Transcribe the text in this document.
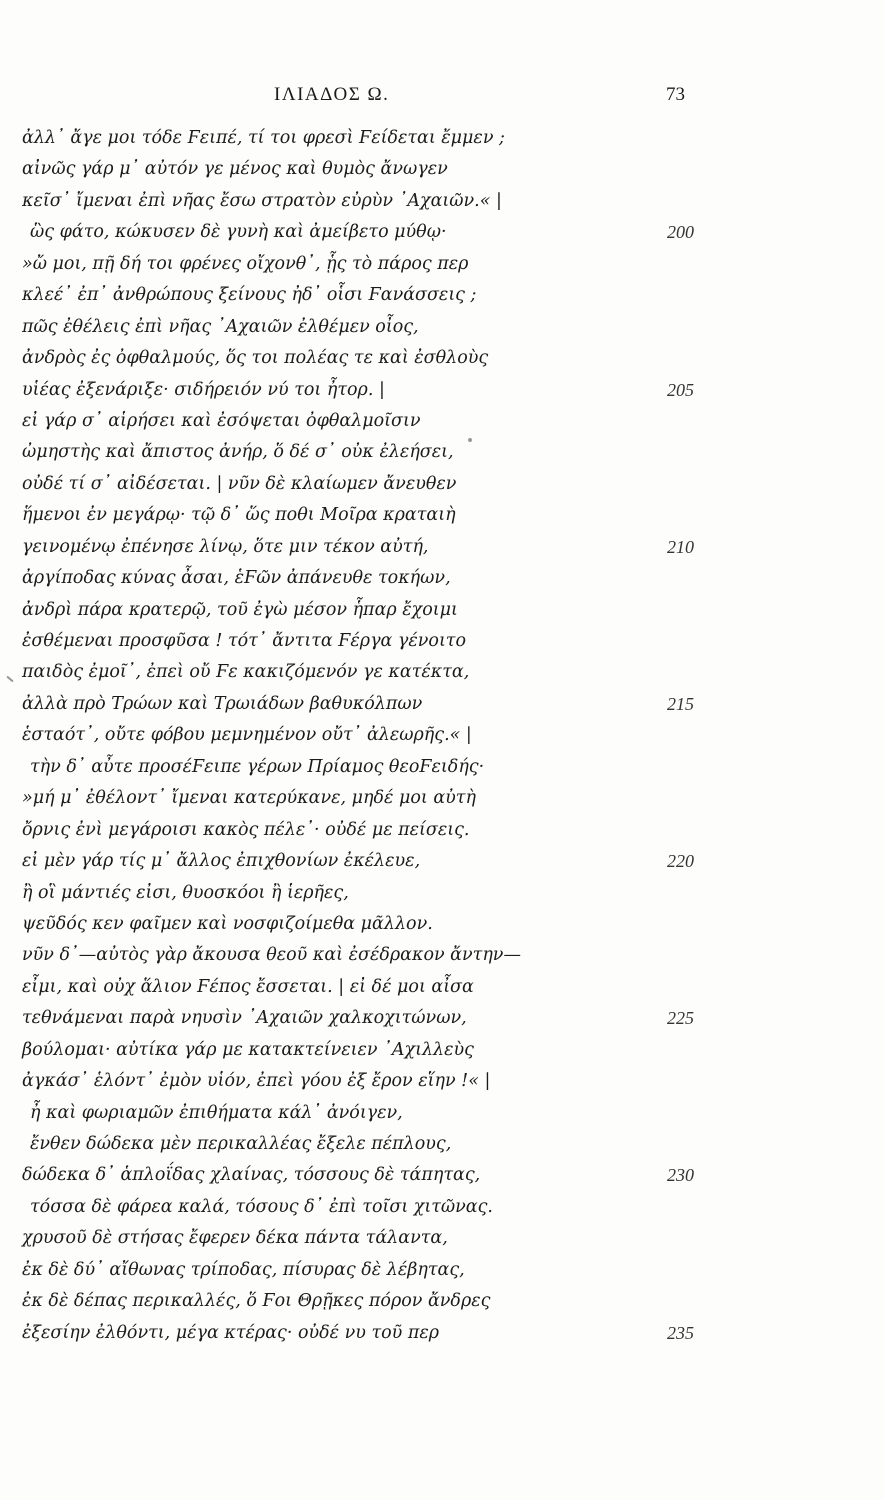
ΙΛΙΑΔΟΣ Ω.	73
ἀλλ᾽ ἄγε μοι τόδε Ϝειπέ, τί τοι φρεσὶ Ϝείδεται ἔμμεν ;
αἰνῶς γάρ μ᾽ αὐτόν γε μένος καὶ θυμὸς ἄνωγεν
κεῖσ᾽ ἴμεναι ἐπὶ νῆας ἔσω στρατὸν εὐρὺν ᾽Αχαιῶν.« |
ὣς φάτο, κώκυσεν δὲ γυνὴ καὶ ἀμείβετο μύθῳ·	200
»ὤ μοι, πῇ δή τοι φρένες οἴχονθ᾽, ᾗς τὸ πάρος περ
κλεέ᾽ ἐπ᾽ ἀνθρώπους ξείνους ἠδ᾽ οἷσι Ϝανάσσεις ;
πῶς ἐθέλεις ἐπὶ νῆας ᾽Αχαιῶν ἐλθέμεν οἶος,
ἀνδρὸς ἐς ὀφθαλμούς, ὅς τοι πολέας τε καὶ ἐσθλοὺς
υἱέας ἐξενάριξε· σιδήρειόν νύ τοι ἦτορ. |	205
εἰ γάρ σ᾽ αἱρήσει καὶ ἐσόψεται ὀφθαλμοῖσιν
ὠμηστὴς καὶ ἄπιστος ἀνήρ, ὅ δέ σ᾽ οὐκ ἐλεήσει,
οὐδέ τί σ᾽ αἰδέσεται. | νῦν δὲ κλαίωμεν ἄνευθεν
ἥμενοι ἐν μεγάρῳ· τῷ δ᾽ ὥς ποθι Μοῖρα κραταιὴ
γεινομένῳ ἐπένησε λίνῳ, ὅτε μιν τέκον αὐτή,	210
ἀργίποδας κύνας ἆσαι, ἑϜῶν ἀπάνευθε τοκήων,
ἀνδρὶ πάρα κρατερῷ, τοῦ ἐγὼ μέσον ἧπαρ ἔχοιμι
ἐσθέμεναι προσφῦσα ! τότ᾽ ἄντιτα Ϝέργα γένοιτο
παιδὸς ἐμοῖ᾽, ἐπεὶ οὔ Ϝε κακιζόμενόν γε κατέκτα,
ἀλλὰ πρὸ Τρώων καὶ Τρωιάδων βαθυκόλπων	215
ἑσταότ᾽, οὔτε φόβου μεμνημένον οὔτ᾽ ἀλεωρῆς.« |
τὴν δ᾽ αὖτε προσέϜειπε γέρων Πρίαμος θεοϜειδής·
»μή μ᾽ ἐθέλοντ᾽ ἴμεναι κατερύκανε, μηδέ μοι αὐτὴ
ὄρνις ἐνὶ μεγάροισι κακὸς πέλε᾽· οὐδέ με πείσεις.
εἰ μὲν γάρ τίς μ᾽ ἄλλος ἐπιχθονίων ἐκέλευε,	220
ἢ οἳ μάντιές εἰσι, θυοσκόοι ἢ ἱερῆες,
ψεῦδός κεν φαῖμεν καὶ νοσφιζοίμεθα μᾶλλον.
νῦν δ᾽—αὐτὸς γὰρ ἄκουσα θεοῦ καὶ ἐσέδρακον ἄντην—
εἶμι, καὶ οὐχ ἅλιον Ϝέπος ἔσσεται. | εἰ δέ μοι αἶσα
τεθνάμεναι παρὰ νηυσὶν ᾽Αχαιῶν χαλκοχιτώνων,	225
βούλομαι· αὐτίκα γάρ με κατακτείνειεν ᾽Αχιλλεὺς
ἀγκάσ᾽ ἑλόντ᾽ ἐμὸν υἱόν, ἐπεὶ γόου ἐξ ἔρον εἵην !« |
ἦ καὶ φωριαμῶν ἐπιθήματα κάλ᾽ ἀνόιγεν,
ἔνθεν δώδεκα μὲν περικαλλέας ἔξελε πέπλους,
δώδεκα δ᾽ ἁπλοΐδας χλαίνας, τόσσους δὲ τάπητας,	230
τόσσα δὲ φάρεα καλά, τόσους δ᾽ ἐπὶ τοῖσι χιτῶνας.
χρυσοῦ δὲ στήσας ἔφερεν δέκα πάντα τάλαντα,
ἐκ δὲ δύ᾽ αἴθωνας τρίποδας, πίσυρας δὲ λέβητας,
ἐκ δὲ δέπας περικαλλές, ὅ Ϝοι Θρῇκες πόρον ἄνδρες
ἐξεσίην ἐλθόντι, μέγα κτέρας· οὐδέ νυ τοῦ περ	235
